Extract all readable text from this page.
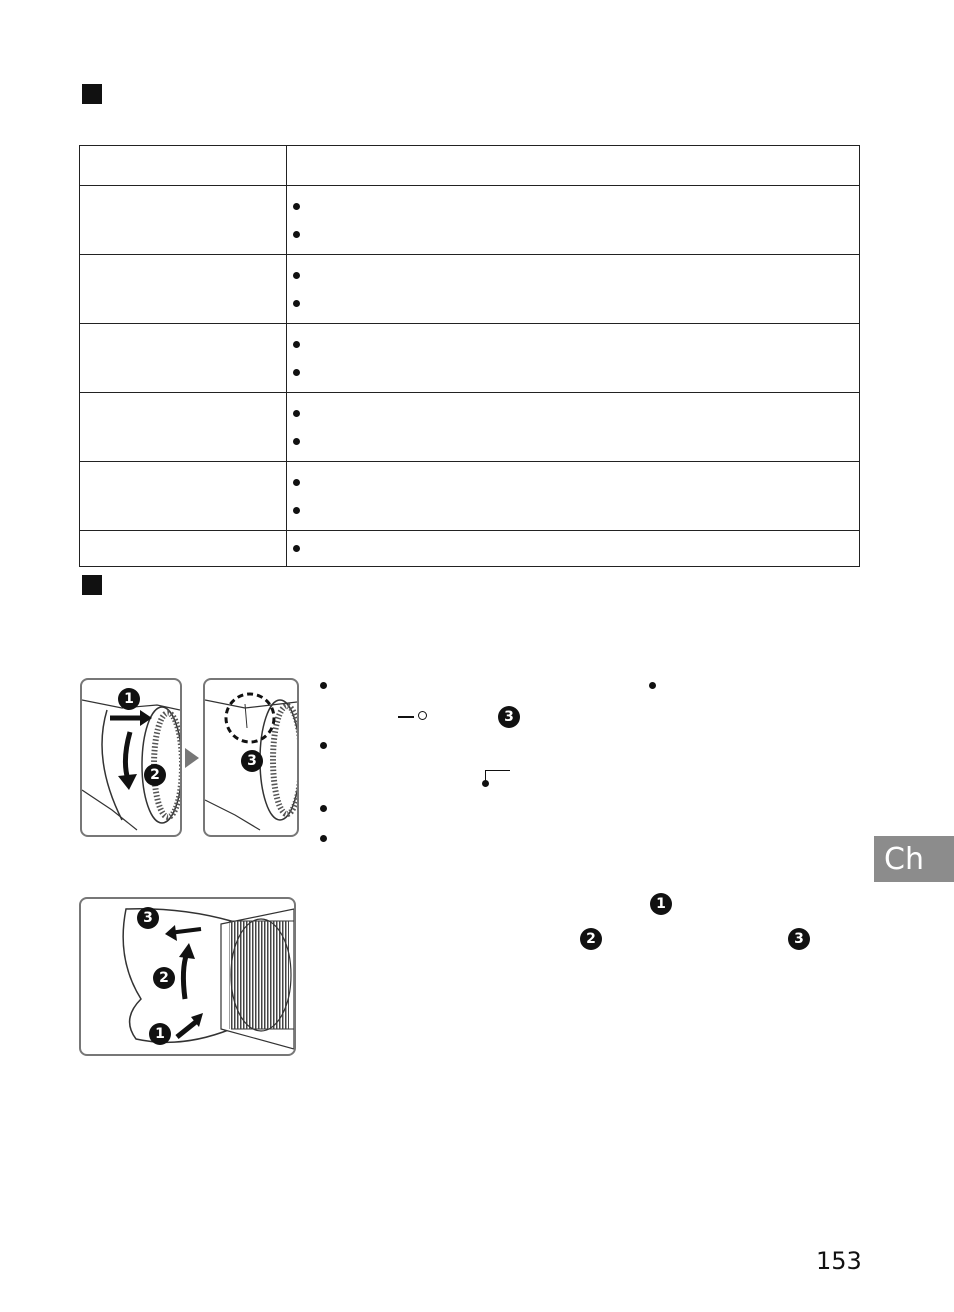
1
2
3
3
3
2
1
1
2	3
Ch
153
